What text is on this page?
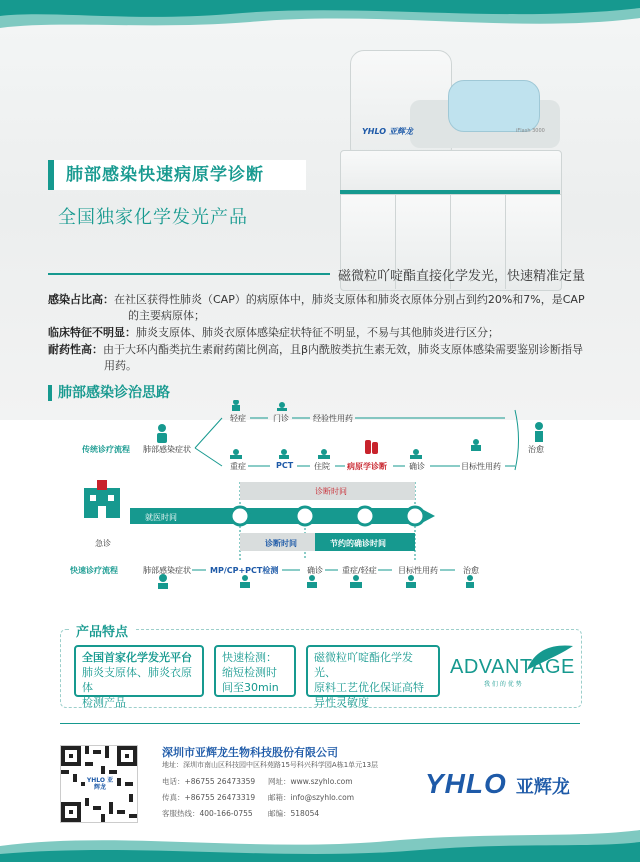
YHLO 亚辉龙	iFlash 3000
肺部感染快速病原学诊断
全国独家化学发光产品
磁微粒吖啶酯直接化学发光，快速精准定量
感染占比高：在社区获得性肺炎（CAP）的病原体中，肺炎支原体和肺炎衣原体分别占到约20%和7%，是CAP
的主要病原体；
临床特征不明显：肺炎支原体、肺炎衣原体感染症状特征不明显，不易与其他肺炎进行区分；
耐药性高：由于大环内酯类抗生素耐药菌比例高，且β内酰胺类抗生素无效，肺炎支原体感染需要鉴别诊断指导
用药。
肺部感染诊治思路
传统诊疗流程 肺部感染症状
轻症	门诊	经验性用药
重症	PCT	住院 病原学诊断	确诊	目标性用药
治愈
诊断时间
就医时间
急诊	诊断时间	节约的确诊时间
快速诊疗流程	肺部感染症状 MP/CP+PCT检测	确诊 重症/轻症	目标性用药	治愈
产品特点
全国首家化学发光平台
肺炎支原体、肺炎衣原体
检测产品
快速检测：
缩短检测时
间至30min
磁微粒吖啶酯化学发光、
原料工艺优化保证高特
异性灵敏度
ADVANTAGE
我 们 的 优 势
YHLO 亚辉龙
深圳市亚辉龙生物科技股份有限公司
地址：深圳市南山区科技园中区科苑路15号科兴科学园A栋1单元13层
电话：+86755 26473359 网址：www.szyhlo.com
传真：+86755 26473319 邮箱：info@szyhlo.com
客服热线：400-166-0755 邮编：518054
YHLO 亚辉龙
